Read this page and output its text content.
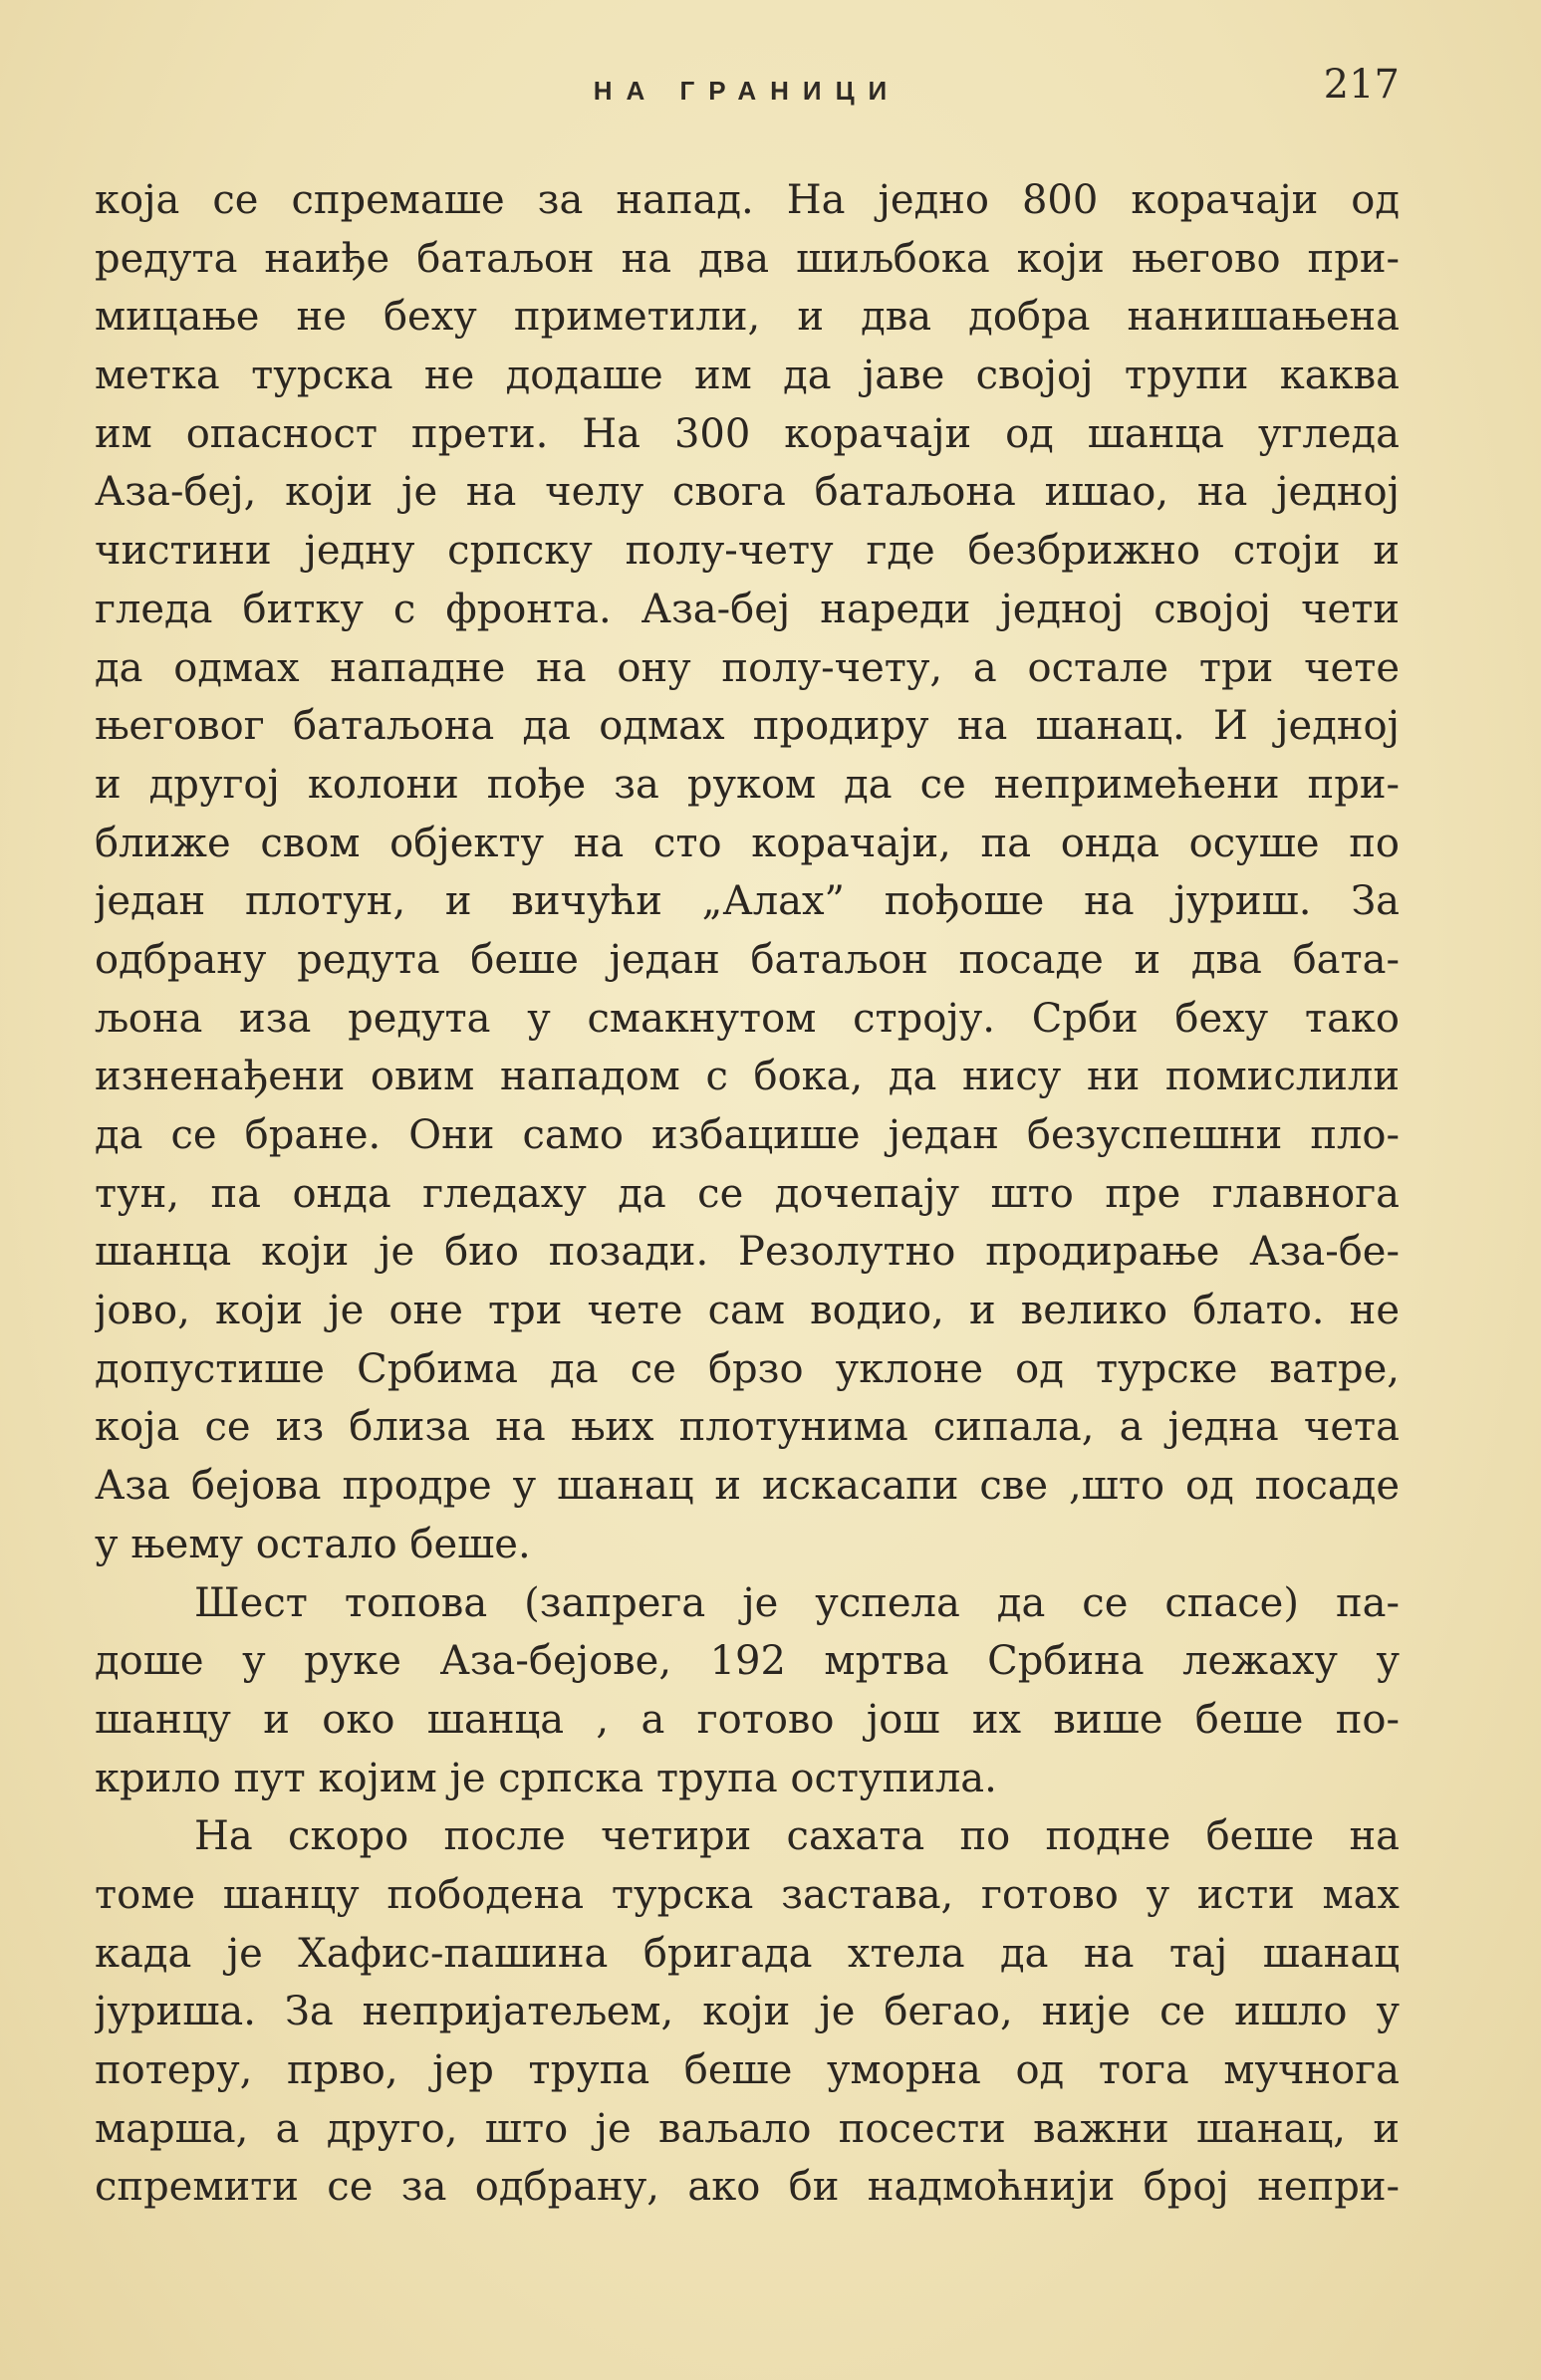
НА ГРАНИЦИ	217
која се спремаше за напад. На једно 800 корачаји од
редута наиђе батаљон на два шиљбока који његово при-
мицање не беху приметили, и два добра нанишањена
метка турска не додаше им да јаве својој трупи каква
им опасност прети. На 300 корачаји од шанца угледа
Аза-беј, који је на челу свога батаљона ишао, на једној
чистини једну српску полу-чету где безбрижно стоји и
гледа битку с фронта. Аза-беј нареди једној својој чети
да одмах нападне на ону полу-чету, а остале три чете
његовог батаљона да одмах продиру на шанац. И једној
и другој колони пође за руком да се непримећени при-
ближе свом објекту на сто корачаји, па онда осуше по
један плотун, и вичући „Алах” пођоше на јуриш. За
одбрану редута беше један батаљон посаде и два бата-
љона иза редута у смакнутом строју. Срби беху тако
изненађени овим нападом с бока, да нису ни помислили
да се бране. Они само избацише један безуспешни пло-
тун, па онда гледаху да се дочепају што пре главнога
шанца који је био позади. Резолутно продирање Аза-бе-
јово, који је оне три чете сам водио, и велико блато. не
допустише Србима да се брзо уклоне од турске ватре,
која се из близа на њих плотунима сипала, а једна чета
Аза бејова продре у шанац и искасапи све ,што од посаде
у њему остало беше.
Шест топова (запрега је успела да се спасе) па-
доше у руке Аза-бејове, 192 мртва Србина лежаху у
шанцу и око шанца , а готово још их више беше по-
крило пут којим је српска трупа оступила.
На скоро после четири сахата по подне беше на
томе шанцу пободена турска застава, готово у исти мах
када је Хафис-пашина бригада хтела да на тај шанац
јуриша. За непријатељем, који је бегао, није се ишло у
потеру, прво, јер трупа беше уморна од тога мучнога
марша, а друго, што је ваљало посести важни шанац, и
спремити се за одбрану, ако би надмоћнији број непри-
